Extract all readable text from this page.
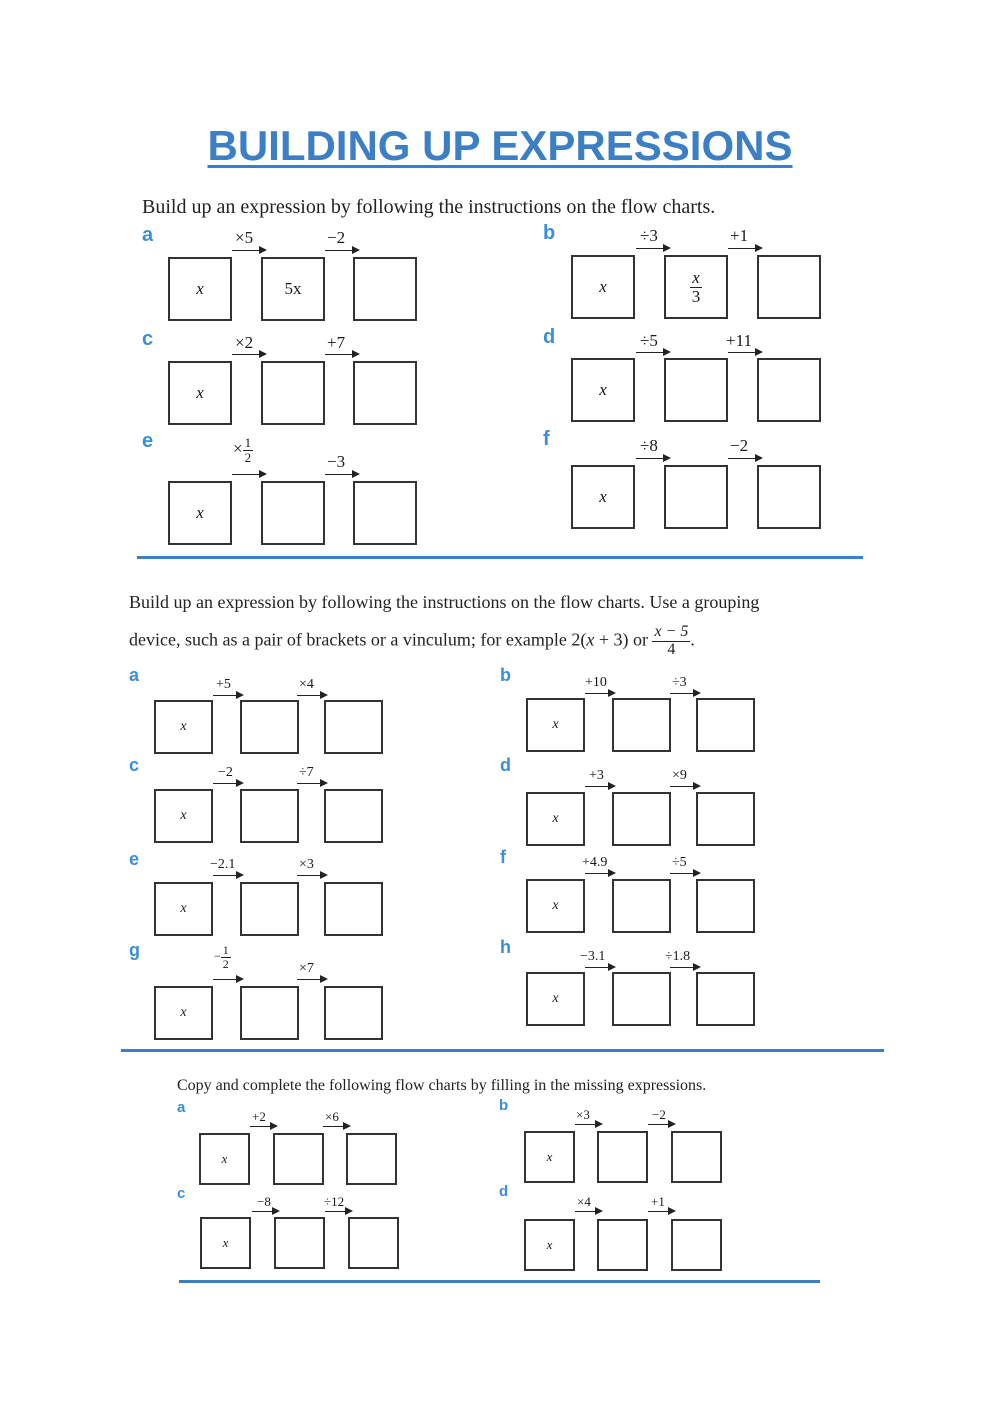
BUILDING UP EXPRESSIONS
Build up an expression by following the instructions on the flow charts.
a	×5	−2
x	5x
b	÷3	+1
x	$\frac{x}{3}$
c	×2	+7
x
d	÷5	+11
x
e	× $\frac{1}{2}$	−3
x
f	÷8	−2
x
Build up an expression by following the instructions on the flow charts. Use a grouping
device, such as a pair of brackets or a vinculum; for example 2(x + 3) or $\frac{x - 5}{4}$ .
a	+5	×4
x
b	+10	÷3
x
c	−2	÷7
x
d
+3	×9
x
e	−2.1	×3
x
f	+4.9	÷5
x
g	− $\frac{1}{2}$	×7
x
h	−3.1	÷1.8
x
Copy and complete the following flow charts by filling in the missing expressions.
a
+2	×6
x
b
×3	−2
x
c	−8	÷12
x
d
×4	+1
x
